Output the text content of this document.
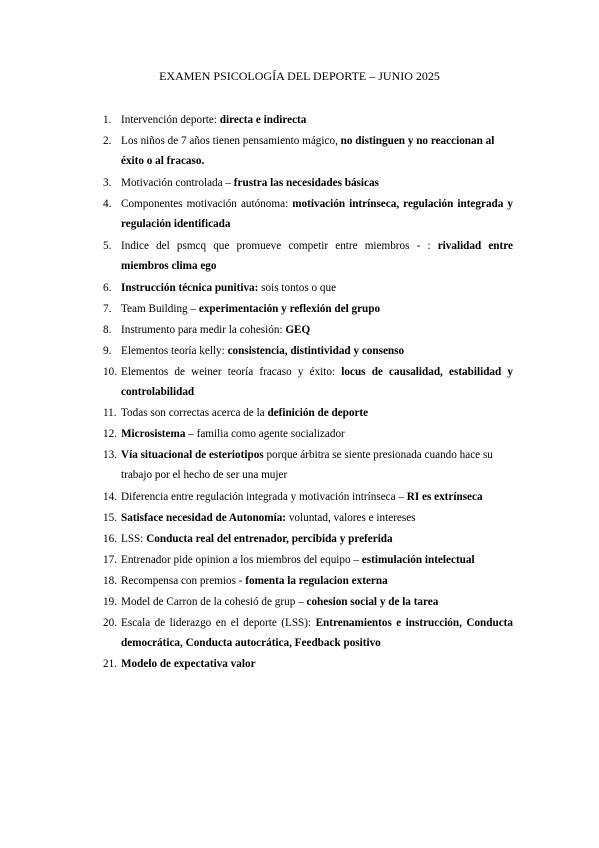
EXAMEN PSICOLOGÍA DEL DEPORTE – JUNIO 2025
1. Intervención deporte: directa e indirecta
2. Los niños de 7 años tienen pensamiento mágico, no distinguen y no reaccionan al éxito o al fracaso.
3. Motivación controlada – frustra las necesidades básicas
4. Componentes motivación autónoma: motivación intrínseca, regulación integrada y regulación identificada
5. Indice del psmcq que promueve competir entre miembros - : rivalidad entre miembros clima ego
6. Instrucción técnica punitiva: sois tontos o que
7. Team Building – experimentación y reflexión del grupo
8. Instrumento para medir la cohesión: GEQ
9. Elementos teoría kelly: consistencia, distintividad y consenso
10. Elementos de weiner teoría fracaso y éxito: locus de causalidad, estabilidad y controlabilidad
11. Todas son correctas acerca de la definición de deporte
12. Microsistema – familia como agente socializador
13. Vía situacional de esteriotipos porque árbitra se siente presionada cuando hace su trabajo por el hecho de ser una mujer
14. Diferencia entre regulación integrada y motivación intrínseca – RI es extrínseca
15. Satisface necesidad de Autonomía: voluntad, valores e intereses
16. LSS: Conducta real del entrenador, percibida y preferida
17. Entrenador pide opinion a los miembros del equipo – estimulación intelectual
18. Recompensa con premios - fomenta la regulacion externa
19. Model de Carron de la cohesió de grup – cohesion social y de la tarea
20. Escala de liderazgo en el deporte (LSS): Entrenamientos e instrucción, Conducta democrática, Conducta autocrática, Feedback positivo
21. Modelo de expectativa valor
